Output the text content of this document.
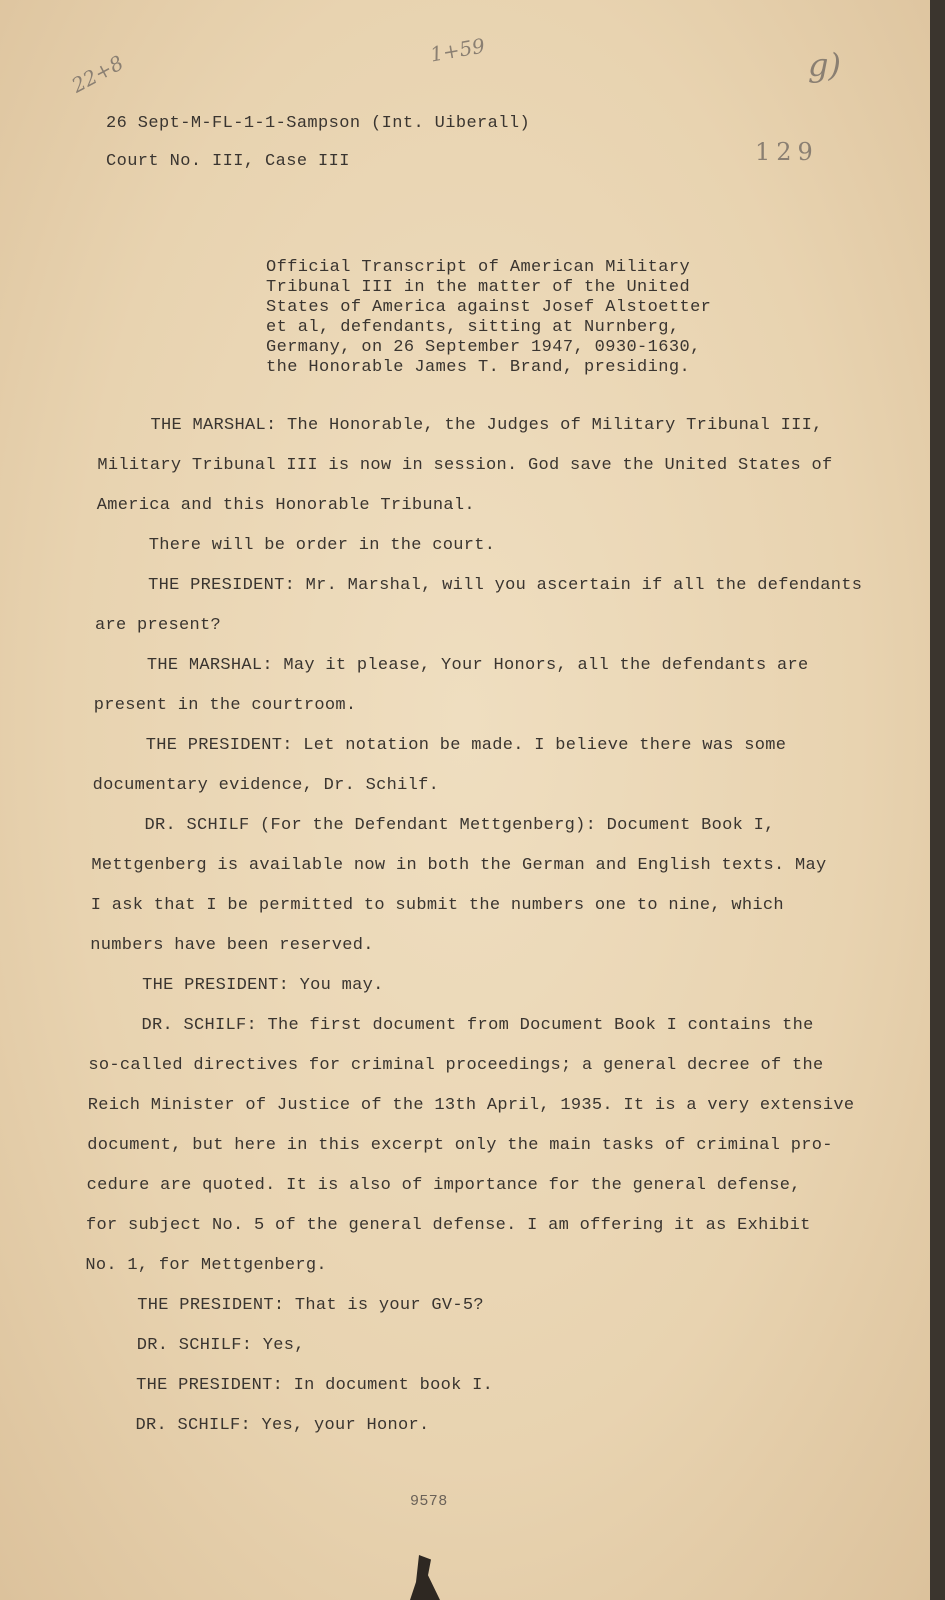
22+8
1+59	g)
129
26 Sept-M-FL-1-1-Sampson (Int. Uiberall)
Court No. III, Case III
Official Transcript of American Military
Tribunal III in the matter of the United
States of America against Josef Alstoetter
et al, defendants, sitting at Nurnberg,
Germany, on 26 September 1947, 0930-1630,
the Honorable James T. Brand, presiding.
THE MARSHAL: The Honorable, the Judges of Military Tribunal III,
Military Tribunal III is now in session. God save the United States of
America and this Honorable Tribunal.
There will be order in the court.
THE PRESIDENT: Mr. Marshal, will you ascertain if all the defendants
are present?
THE MARSHAL: May it please, Your Honors, all the defendants are
present in the courtroom.
THE PRESIDENT: Let notation be made. I believe there was some
documentary evidence, Dr. Schilf.
DR. SCHILF (For the Defendant Mettgenberg): Document Book I,
Mettgenberg is available now in both the German and English texts. May
I ask that I be permitted to submit the numbers one to nine, which
numbers have been reserved.
THE PRESIDENT: You may.
DR. SCHILF: The first document from Document Book I contains the
so-called directives for criminal proceedings; a general decree of the
Reich Minister of Justice of the 13th April, 1935. It is a very extensive
document, but here in this excerpt only the main tasks of criminal pro-
cedure are quoted. It is also of importance for the general defense,
for subject No. 5 of the general defense. I am offering it as Exhibit
No. 1, for Mettgenberg.
THE PRESIDENT: That is your GV-5?
DR. SCHILF: Yes,
THE PRESIDENT: In document book I.
DR. SCHILF: Yes, your Honor.
9578
